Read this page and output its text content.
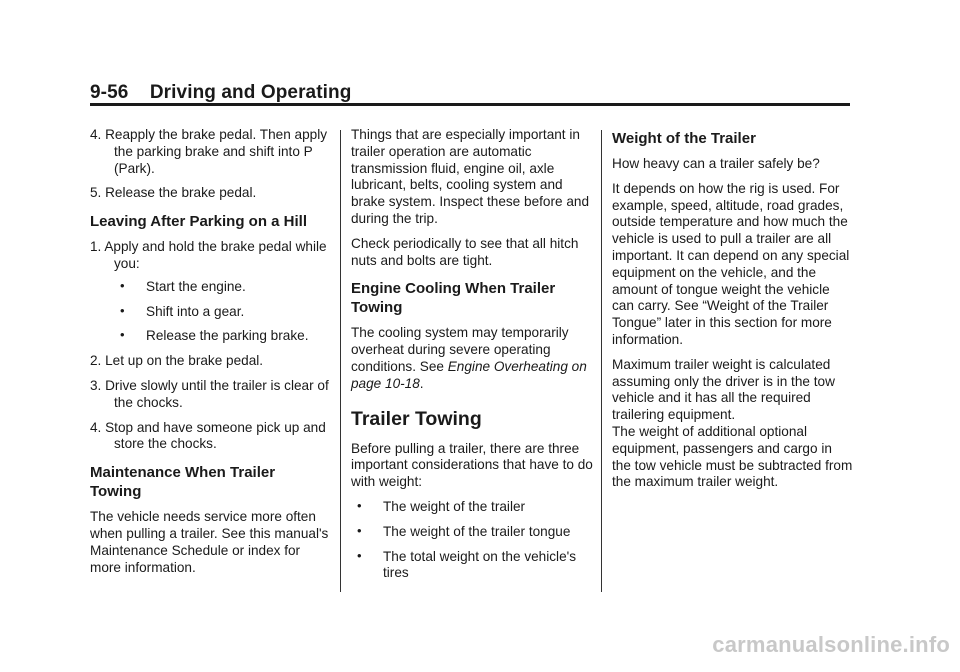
9-56 Driving and Operating
4. Reapply the brake pedal. Then apply the parking brake and shift into P (Park).
5. Release the brake pedal.
Leaving After Parking on a Hill
1. Apply and hold the brake pedal while you:
• Start the engine.
• Shift into a gear.
• Release the parking brake.
2. Let up on the brake pedal.
3. Drive slowly until the trailer is clear of the chocks.
4. Stop and have someone pick up and store the chocks.
Maintenance When Trailer Towing

The vehicle needs service more often when pulling a trailer. See this manual's Maintenance Schedule or index for more information.

Things that are especially important in trailer operation are automatic transmission fluid, engine oil, axle lubricant, belts, cooling system and brake system. Inspect these before and during the trip.

Check periodically to see that all hitch nuts and bolts are tight.

Engine Cooling When Trailer Towing

The cooling system may temporarily overheat during severe operating conditions. See Engine Overheating on page 10-18.

Trailer Towing

Before pulling a trailer, there are three important considerations that have to do with weight:

• The weight of the trailer
• The weight of the trailer tongue
• The total weight on the vehicle's tires
Weight of the Trailer

How heavy can a trailer safely be?

It depends on how the rig is used. For example, speed, altitude, road grades, outside temperature and how much the vehicle is used to pull a trailer are all important. It can depend on any special equipment on the vehicle, and the amount of tongue weight the vehicle can carry. See “Weight of the Trailer Tongue” later in this section for more information.

Maximum trailer weight is calculated assuming only the driver is in the tow vehicle and it has all the required trailering equipment.

The weight of additional optional equipment, passengers and cargo in the tow vehicle must be subtracted from the maximum trailer weight.

carmanualsonline.info
